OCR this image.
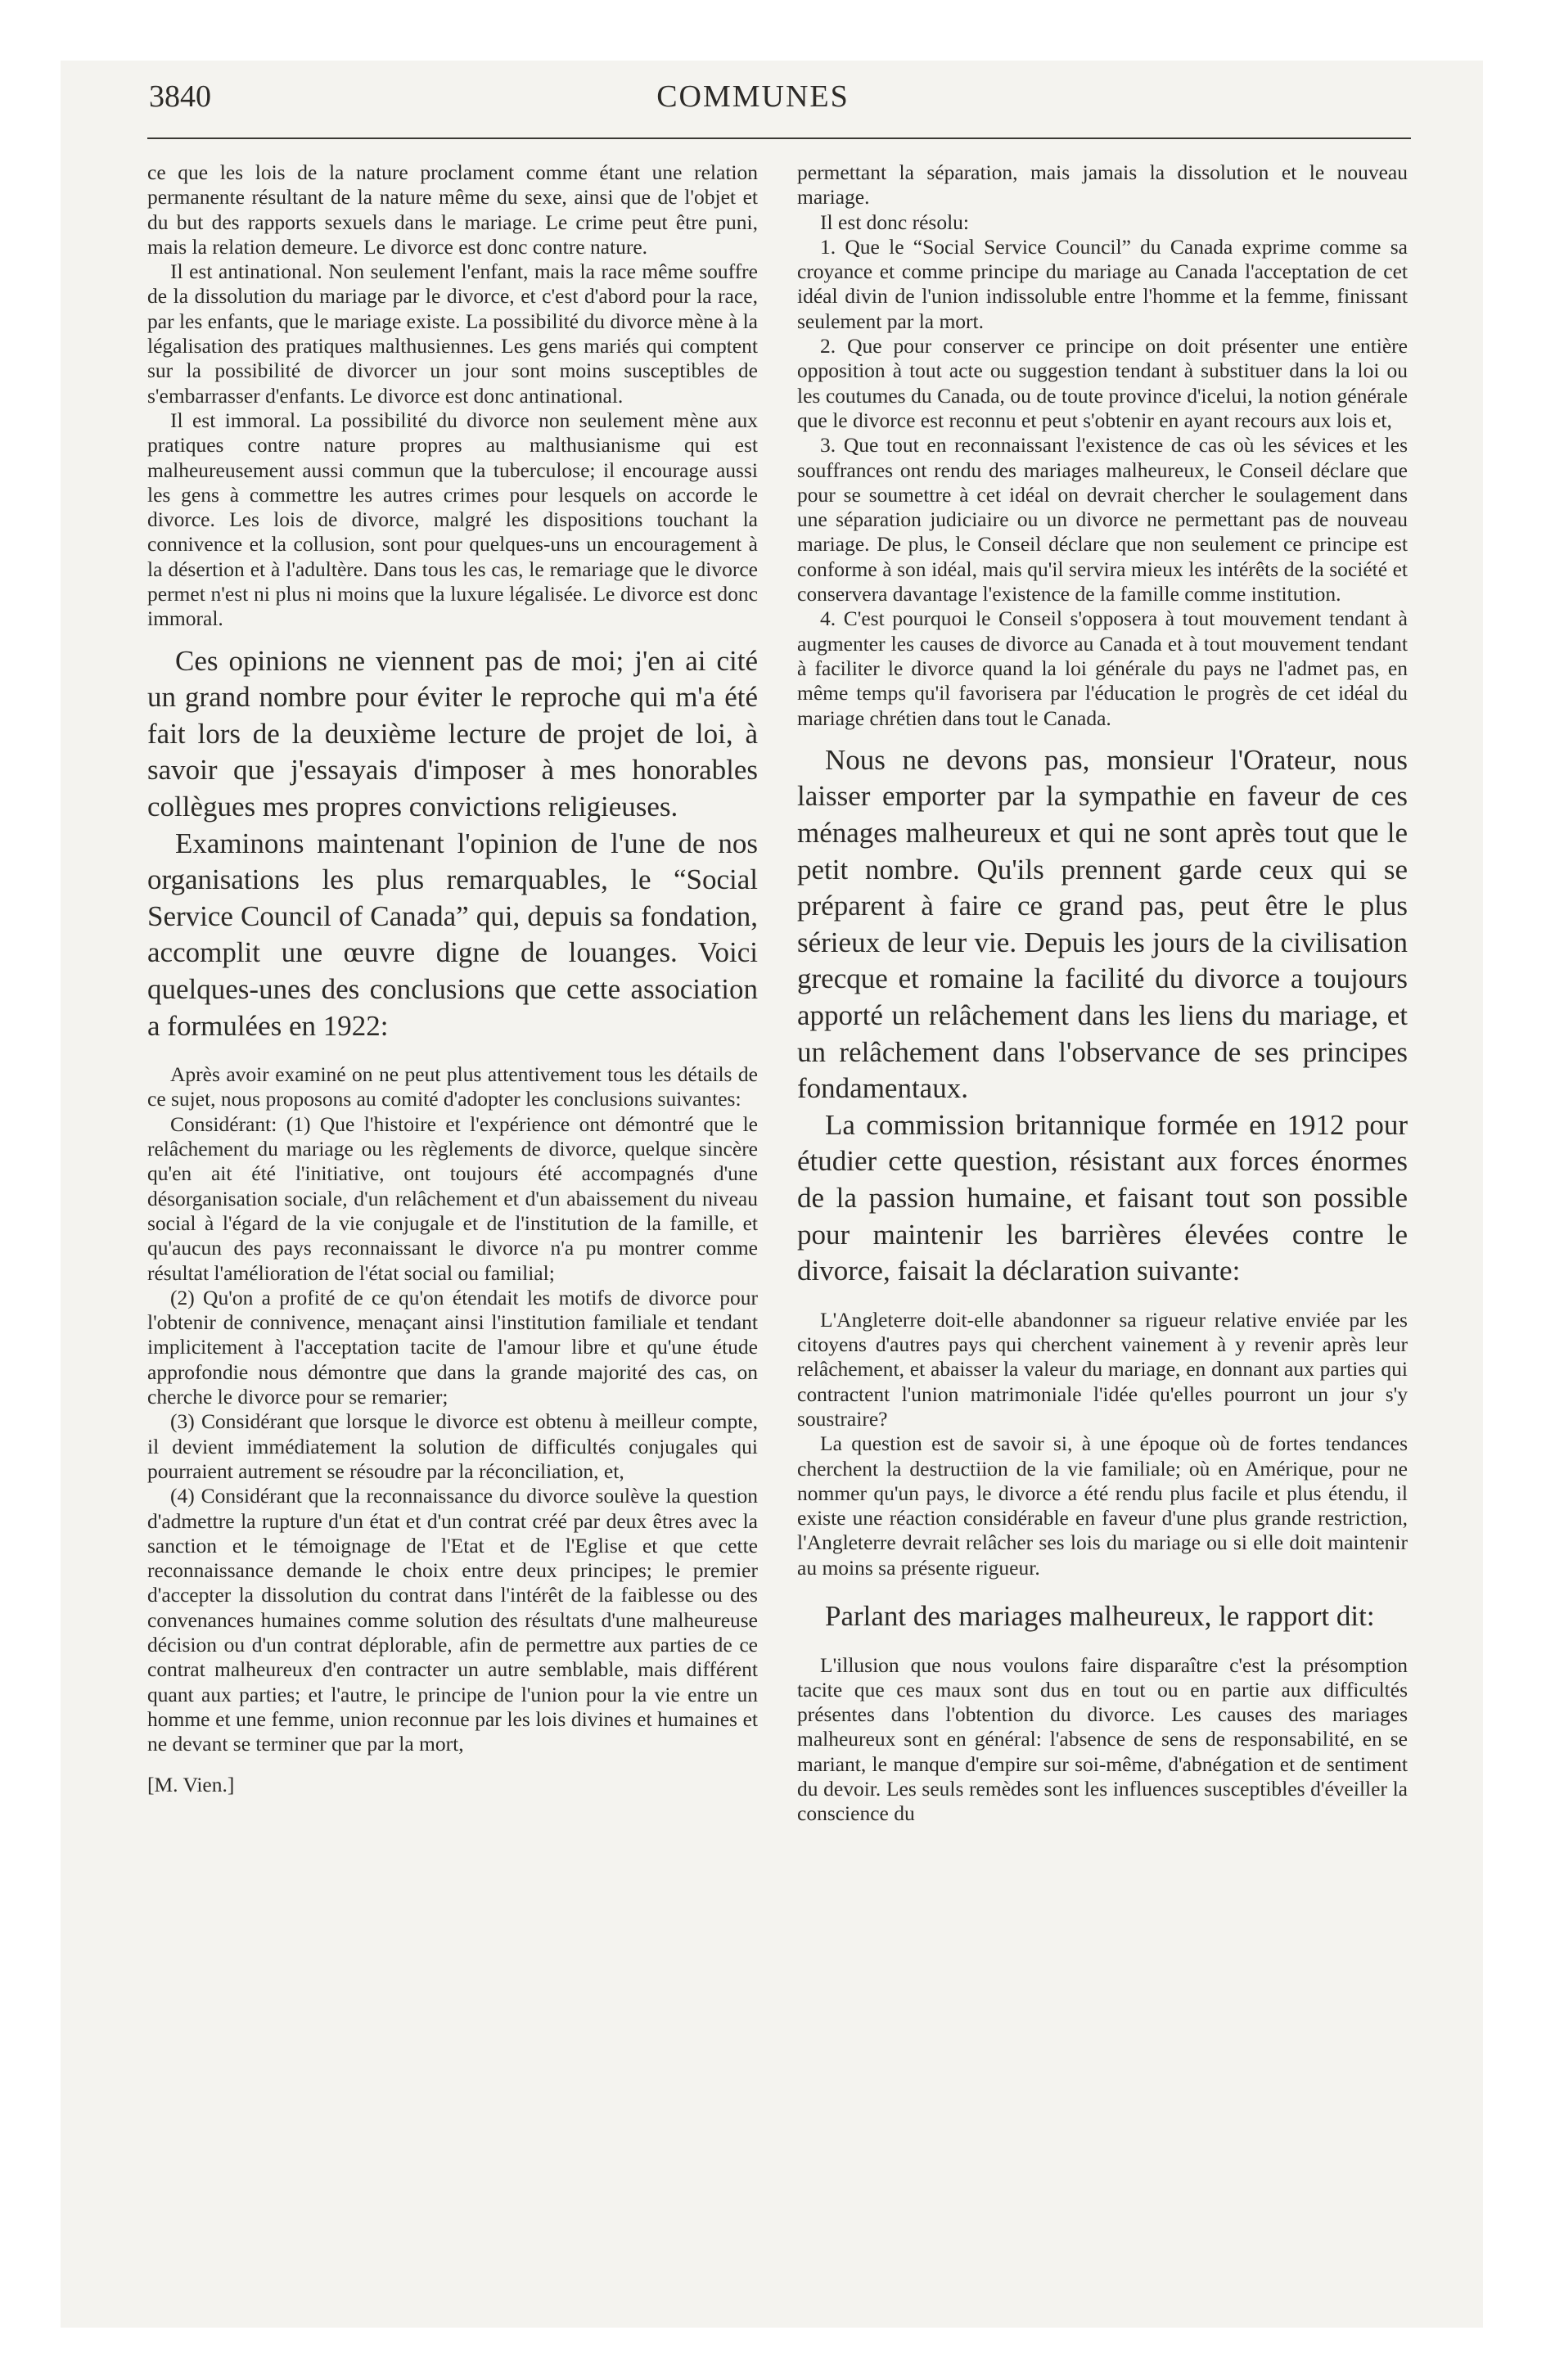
3840	COMMUNES

ce que les lois de la nature proclament comme étant une relation permanente résultant de la nature même du sexe, ainsi que de l'objet et du but des rapports sexuels dans le mariage. Le crime peut être puni, mais la relation demeure. Le divorce est donc contre nature.

Il est antinational. Non seulement l'enfant, mais la race même souffre de la dissolution du mariage par le divorce, et c'est d'abord pour la race, par les enfants, que le mariage existe. La possibilité du divorce mène à la légalisation des pratiques malthusiennes. Les gens mariés qui comptent sur la possibilité de divorcer un jour sont moins susceptibles de s'embarrasser d'enfants. Le divorce est donc antinational.

Il est immoral. La possibilité du divorce non seulement mène aux pratiques contre nature propres au malthusianisme qui est malheureusement aussi commun que la tuberculose; il encourage aussi les gens à commettre les autres crimes pour lesquels on accorde le divorce. Les lois de divorce, malgré les dispositions touchant la connivence et la collusion, sont pour quelques-uns un encouragement à la désertion et à l'adultère. Dans tous les cas, le remariage que le divorce permet n'est ni plus ni moins que la luxure légalisée. Le divorce est donc immoral.

Ces opinions ne viennent pas de moi; j'en ai cité un grand nombre pour éviter le reproche qui m'a été fait lors de la deuxième lecture de projet de loi, à savoir que j'essayais d'imposer à mes honorables collègues mes propres convictions religieuses.

Examinons maintenant l'opinion de l'une de nos organisations les plus remarquables, le “Social Service Council of Canada” qui, depuis sa fondation, accomplit une œuvre digne de louanges. Voici quelques-unes des conclusions que cette association a formulées en 1922:

Après avoir examiné on ne peut plus attentivement tous les détails de ce sujet, nous proposons au comité d'adopter les conclusions suivantes:

Considérant: (1) Que l'histoire et l'expérience ont démontré que le relâchement du mariage ou les règlements de divorce, quelque sincère qu'en ait été l'initiative, ont toujours été accompagnés d'une désorganisation sociale, d'un relâchement et d'un abaissement du niveau social à l'égard de la vie conjugale et de l'institution de la famille, et qu'aucun des pays reconnaissant le divorce n'a pu montrer comme résultat l'amélioration de l'état social ou familial;

(2) Qu'on a profité de ce qu'on étendait les motifs de divorce pour l'obtenir de connivence, menaçant ainsi l'institution familiale et tendant implicitement à l'acceptation tacite de l'amour libre et qu'une étude approfondie nous démontre que dans la grande majorité des cas, on cherche le divorce pour se remarier;

(3) Considérant que lorsque le divorce est obtenu à meilleur compte, il devient immédiatement la solution de difficultés conjugales qui pourraient autrement se résoudre par la réconciliation, et,

(4) Considérant que la reconnaissance du divorce soulève la question d'admettre la rupture d'un état et d'un contrat créé par deux êtres avec la sanction et le témoignage de l'Etat et de l'Eglise et que cette reconnaissance demande le choix entre deux principes; le premier d'accepter la dissolution du contrat dans l'intérêt de la faiblesse ou des convenances humaines comme solution des résultats d'une malheureuse décision ou d'un contrat déplorable, afin de permettre aux parties de ce contrat malheureux d'en contracter un autre semblable, mais différent quant aux parties; et l'autre, le principe de l'union pour la vie entre un homme et une femme, union reconnue par les lois divines et humaines et ne devant se terminer que par la mort,

[M. Vien.]

permettant la séparation, mais jamais la dissolution et le nouveau mariage.

Il est donc résolu:

1. Que le “Social Service Council” du Canada exprime comme sa croyance et comme principe du mariage au Canada l'acceptation de cet idéal divin de l'union indissoluble entre l'homme et la femme, finissant seulement par la mort.

2. Que pour conserver ce principe on doit présenter une entière opposition à tout acte ou suggestion tendant à substituer dans la loi ou les coutumes du Canada, ou de toute province d'icelui, la notion générale que le divorce est reconnu et peut s'obtenir en ayant recours aux lois et,

3. Que tout en reconnaissant l'existence de cas où les sévices et les souffrances ont rendu des mariages malheureux, le Conseil déclare que pour se soumettre à cet idéal on devrait chercher le soulagement dans une séparation judiciaire ou un divorce ne permettant pas de nouveau mariage. De plus, le Conseil déclare que non seulement ce principe est conforme à son idéal, mais qu'il servira mieux les intérêts de la société et conservera davantage l'existence de la famille comme institution.

4. C'est pourquoi le Conseil s'opposera à tout mouvement tendant à augmenter les causes de divorce au Canada et à tout mouvement tendant à faciliter le divorce quand la loi générale du pays ne l'admet pas, en même temps qu'il favorisera par l'éducation le progrès de cet idéal du mariage chrétien dans tout le Canada.

Nous ne devons pas, monsieur l'Orateur, nous laisser emporter par la sympathie en faveur de ces ménages malheureux et qui ne sont après tout que le petit nombre. Qu'ils prennent garde ceux qui se préparent à faire ce grand pas, peut être le plus sérieux de leur vie. Depuis les jours de la civilisation grecque et romaine la facilité du divorce a toujours apporté un relâchement dans les liens du mariage, et un relâchement dans l'observance de ses principes fondamentaux.

La commission britannique formée en 1912 pour étudier cette question, résistant aux forces énormes de la passion humaine, et faisant tout son possible pour maintenir les barrières élevées contre le divorce, faisait la déclaration suivante:

L'Angleterre doit-elle abandonner sa rigueur relative enviée par les citoyens d'autres pays qui cherchent vainement à y revenir après leur relâchement, et abaisser la valeur du mariage, en donnant aux parties qui contractent l'union matrimoniale l'idée qu'elles pourront un jour s'y soustraire?

La question est de savoir si, à une époque où de fortes tendances cherchent la destructiion de la vie familiale; où en Amérique, pour ne nommer qu'un pays, le divorce a été rendu plus facile et plus étendu, il existe une réaction considérable en faveur d'une plus grande restriction, l'Angleterre devrait relâcher ses lois du mariage ou si elle doit maintenir au moins sa présente rigueur.

Parlant des mariages malheureux, le rapport dit:

L'illusion que nous voulons faire disparaître c'est la présomption tacite que ces maux sont dus en tout ou en partie aux difficultés présentes dans l'obtention du divorce. Les causes des mariages malheureux sont en général: l'absence de sens de responsabilité, en se mariant, le manque d'empire sur soi-même, d'abnégation et de sentiment du devoir. Les seuls remèdes sont les influences susceptibles d'éveiller la conscience du
